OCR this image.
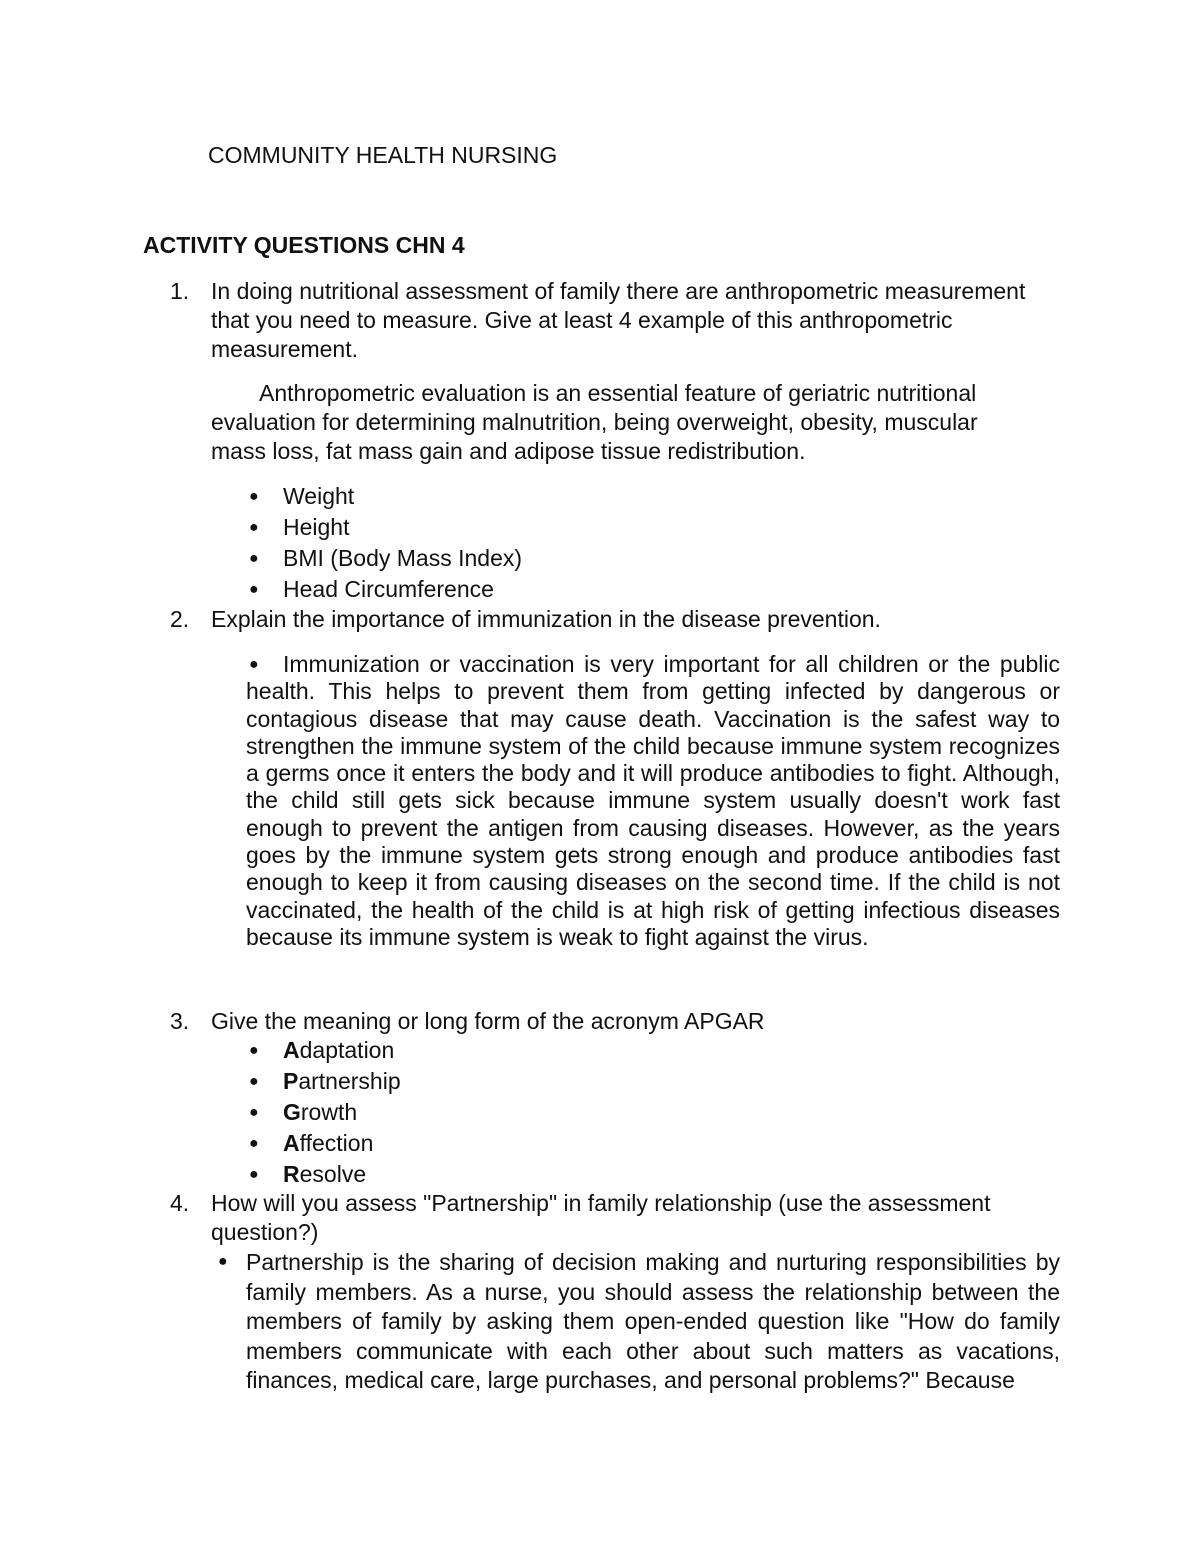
COMMUNITY HEALTH NURSING
ACTIVITY QUESTIONS CHN 4
1. In doing nutritional assessment of family there are anthropometric measurement that you need to measure. Give at least 4 example of this anthropometric measurement.
Anthropometric evaluation is an essential feature of geriatric nutritional evaluation for determining malnutrition, being overweight, obesity, muscular mass loss, fat mass gain and adipose tissue redistribution.
● Weight
● Height
● BMI (Body Mass Index)
● Head Circumference
2. Explain the importance of immunization in the disease prevention.
●	Immunization or vaccination is very important for all children or the public health. This helps to prevent them from getting infected by dangerous or contagious disease that may cause death. Vaccination is the safest way to strengthen the immune system of the child because immune system recognizes a germs once it enters the body and it will produce antibodies to fight. Although, the child still gets sick because immune system usually doesn't work fast enough to prevent the antigen from causing diseases. However, as the years goes by the immune system gets strong enough and produce antibodies fast enough to keep it from causing diseases on the second time. If the child is not vaccinated, the health of the child is at high risk of getting infectious diseases because its immune system is weak to fight against the virus.
3. Give the meaning or long form of the acronym APGAR
● Adaptation
● Partnership
● Growth
● Affection
● Resolve
4. How will you assess "Partnership" in family relationship (use the assessment question?)
● Partnership is the sharing of decision making and nurturing responsibilities by family members. As a nurse, you should assess the relationship between the members of family by asking them open-ended question like "How do family members communicate with each other about such matters as vacations, finances, medical care, large purchases, and personal problems?" Because
